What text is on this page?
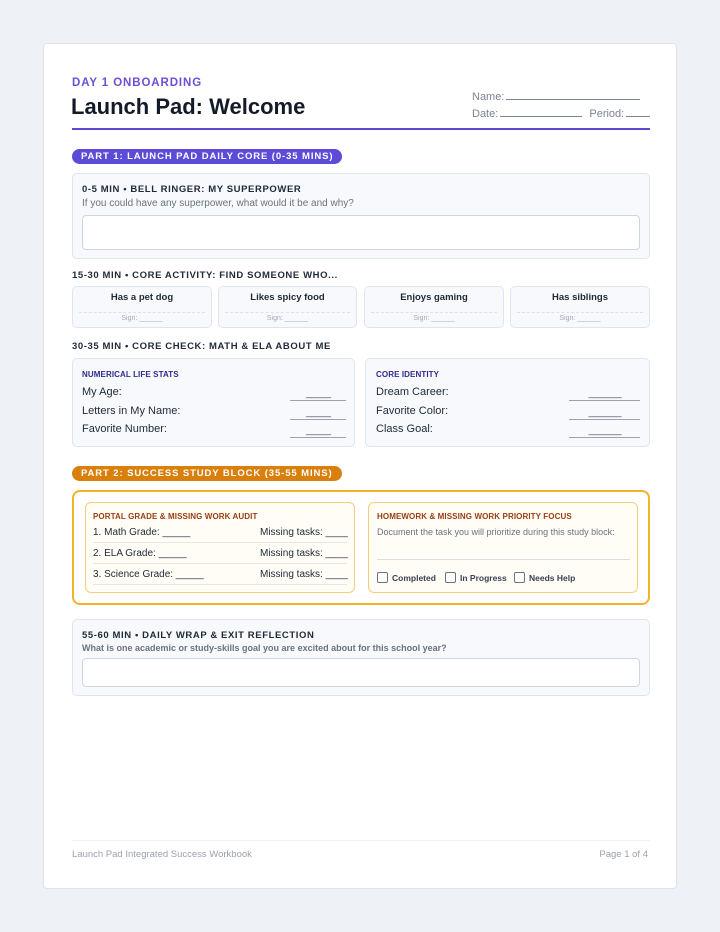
DAY 1 ONBOARDING
Launch Pad: Welcome	Name:
Date:	Period:
PART 1: LAUNCH PAD DAILY CORE (0-35 MINS)
0-5 MIN • BELL RINGER: MY SUPERPOWER
If you could have any superpower, what would it be and why?
15-30 MIN • CORE ACTIVITY: FIND SOMEONE WHO...
Has a pet dog
Sign: ______
Likes spicy food
Sign: ______
Enjoys gaming
Sign: ______
Has siblings
Sign: ______
30-35 MIN • CORE CHECK: MATH & ELA ABOUT ME
NUMERICAL LIFE STATS
My Age:	______
Letters in My Name:	______
Favorite Number:	______
CORE IDENTITY
Dream Career:	________
Favorite Color:	________
Class Goal:	________
PART 2: SUCCESS STUDY BLOCK (35-55 MINS)
PORTAL GRADE & MISSING WORK AUDIT
1. Math Grade: _____	Missing tasks: ____
2. ELA Grade: _____	Missing tasks: ____
3. Science Grade: _____	Missing tasks: ____
HOMEWORK & MISSING WORK PRIORITY FOCUS
Document the task you will prioritize during this study block:
Completed	In Progress	Needs Help
55-60 MIN • DAILY WRAP & EXIT REFLECTION
What is one academic or study-skills goal you are excited about for this school year?
Launch Pad Integrated Success Workbook	Page 1 of 4
